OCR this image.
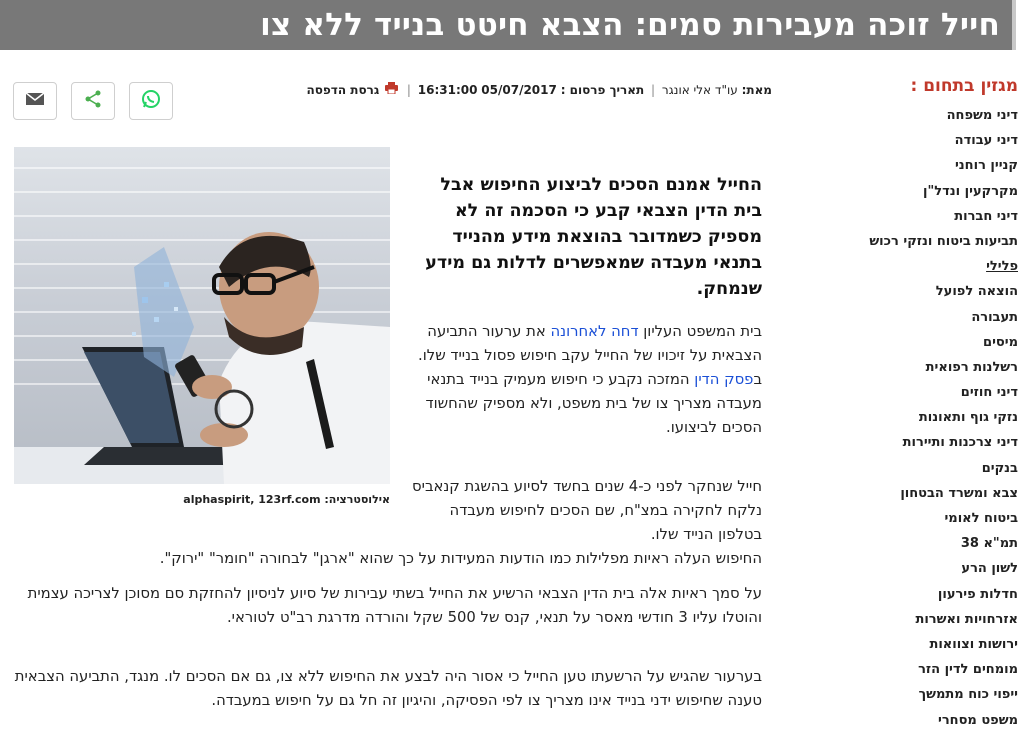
חייל זוכה מעבירות סמים: הצבא חיטט בנייד ללא צו
מגזין בתחום :
דיני משפחה
דיני עבודה
קניין רוחני
מקרקעין ונדל"ן
דיני חברות
תביעות ביטוח ונזקי רכוש
פלילי
הוצאה לפועל
תעבורה
מיסים
רשלנות רפואית
דיני חוזים
נזקי גוף ותאונות
דיני צרכנות ותיירות
בנקים
צבא ומשרד הבטחון
ביטוח לאומי
תמ"א 38
לשון הרע
חדלות פירעון
אזרחויות ואשרות
ירושות וצוואות
מומחים לדין הזר
ייפוי כוח מתמשך
משפט מסחרי
מאת: עו"ד אלי אונגר | תאריך פרסום : 05/07/2017 16:31:00 |  גרסת הדפסה
אילוסטרציה: alphaspirit, 123rf.com
החייל אמנם הסכים לביצוע החיפוש אבל בית הדין הצבאי קבע כי הסכמה זה לא מספיק כשמדובר בהוצאת מידע מהנייד בתנאי מעבדה שמאפשרים לדלות גם מידע שנמחק.
בית המשפט העליון דחה לאחרונה את ערעור התביעה הצבאית על זיכויו של החייל עקב חיפוש פסול בנייד שלו. בפסק הדין המזכה נקבע כי חיפוש מעמיק בנייד בתנאי מעבדה מצריך צו של בית משפט, ולא מספיק שהחשוד הסכים לביצועו.
חייל שנחקר לפני כ-4 שנים בחשד לסיוע בהשגת קנאביס נלקח לחקירה במצ"ח, שם הסכים לחיפוש מעבדה בטלפון הנייד שלו.
החיפוש העלה ראיות מפלילות כמו הודעות המעידות על כך שהוא "ארגן" לבחורה "חומר" "ירוק".
על סמך ראיות אלה בית הדין הצבאי הרשיע את החייל בשתי עבירות של סיוע לניסיון להחזקת סם מסוכן לצריכה עצמית והוטלו עליו 3 חודשי מאסר על תנאי, קנס של 500 שקל והורדה מדרגת רב"ט לטוראי.
בערעור שהגיש על הרשעתו טען החייל כי אסור היה לבצע את החיפוש ללא צו, גם אם הסכים לו. מנגד, התביעה הצבאית טענה שחיפוש ידני בנייד אינו מצריך צו לפי הפסיקה, והיגיון זה חל גם על חיפוש במעבדה.
